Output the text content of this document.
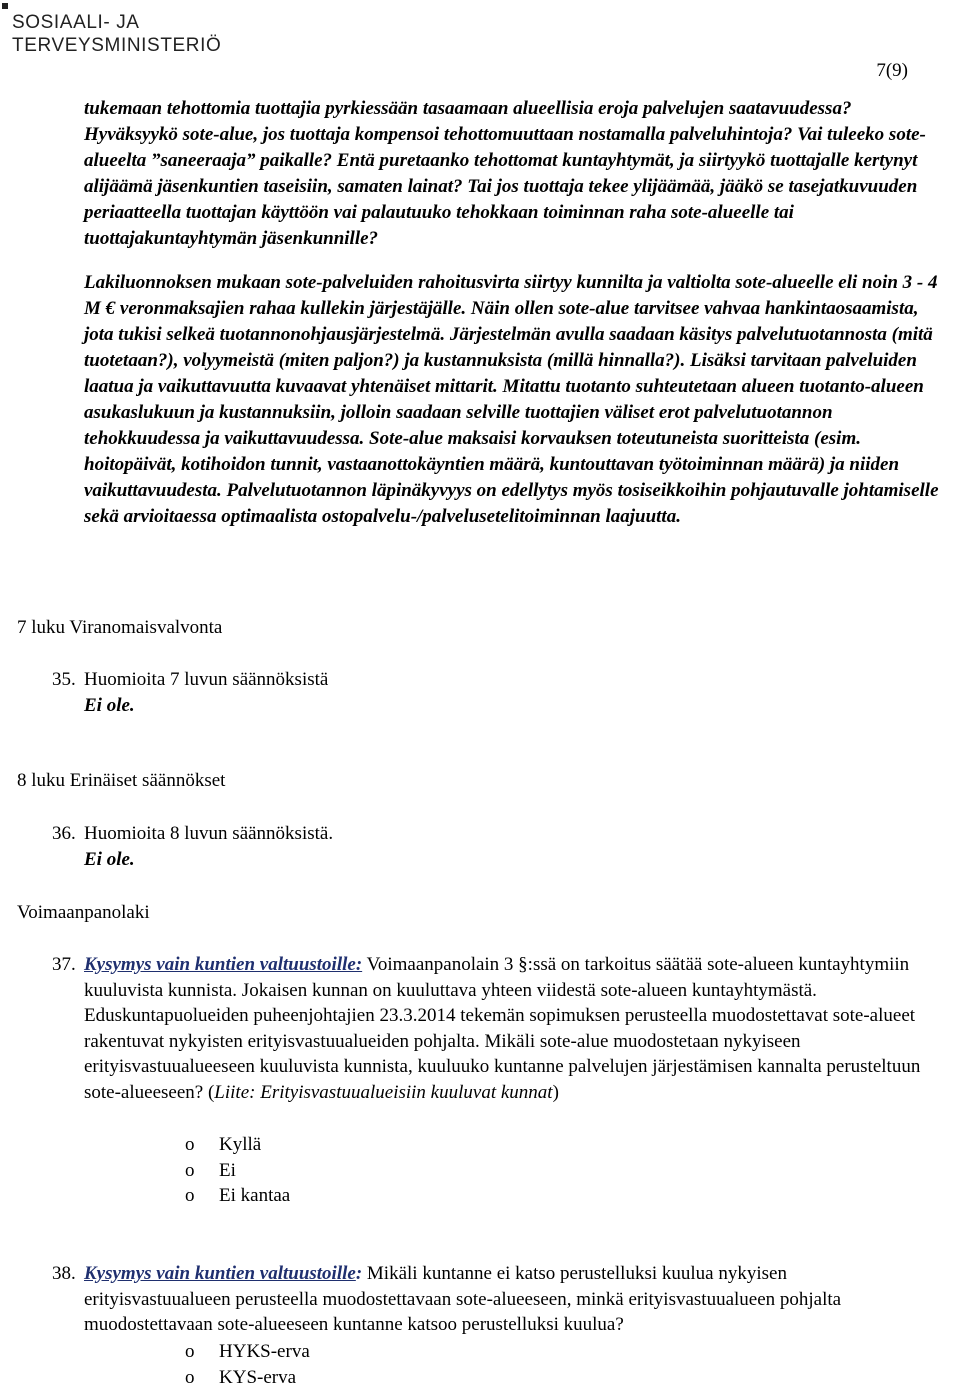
SOSIAALI- JA
TERVEYSMINISTERIÖ
7(9)

tukemaan tehottomia tuottajia pyrkiessään tasaamaan alueellisia eroja palvelujen saatavuudessa? Hyväksyykö sote-alue, jos tuottaja kompensoi tehottomuuttaan nostamalla palveluhintoja? Vai tuleeko sote-alueelta ”saneeraaja” paikalle? Entä puretaanko tehottomat kuntayhtymät, ja siirtyykö tuottajalle kertynyt alijäämä jäsenkuntien taseisiin, samaten lainat? Tai jos tuottaja tekee ylijäämää, jääkö se tasejatkuvuuden periaatteella tuottajan käyttöön vai palautuuko tehokkaan toiminnan raha sote-alueelle tai tuottajakuntayhtymän jäsenkunnille?

Lakiluonnoksen mukaan sote-palveluiden rahoitusvirta siirtyy kunnilta ja valtiolta sote-alueelle eli noin 3 - 4 M € veronmaksajien rahaa kullekin järjestäjälle. Näin ollen sote-alue tarvitsee vahvaa hankintaosaamista, jota tukisi selkeä tuotannonohjausjärjestelmä. Järjestelmän avulla saadaan käsitys palvelutuotannosta (mitä tuotetaan?), volyymeistä (miten paljon?) ja kustannuksista (millä hinnalla?). Lisäksi tarvitaan palveluiden laatua ja vaikuttavuutta kuvaavat yhtenäiset mittarit. Mitattu tuotanto suhteutetaan alueen tuotanto-alueen asukaslukuun ja kustannuksiin, jolloin saadaan selville tuottajien väliset erot palvelutuotannon tehokkuudessa ja vaikuttavuudessa. Sote-alue maksaisi korvauksen toteutuneista suoritteista (esim. hoitopäivät, kotihoidon tunnit, vastaanottokäyntien määrä, kuntouttavan työtoiminnan määrä) ja niiden vaikuttavuudesta. Palvelutuotannon läpinäkyvyys on edellytys myös tosiseikkoihin pohjautuvalle johtamiselle sekä arvioitaessa optimaalista ostopalvelu-/palvelusetelitoiminnan laajuutta.

7 luku Viranomaisvalvonta
35. Huomioita 7 luvun säännöksistä
Ei ole.
8 luku Erinäiset säännökset
36. Huomioita 8 luvun säännöksistä.
Ei ole.
Voimaanpanolaki
37. Kysymys vain kuntien valtuustoille: Voimaanpanolain 3 §:ssä on tarkoitus säätää sote-alueen kuntayhtymiin kuuluvista kunnista. Jokaisen kunnan on kuuluttava yhteen viidestä sote-alueen kuntayhtymästä. Eduskuntapuolueiden puheenjohtajien 23.3.2014 tekemän sopimuksen perusteella muodostettavat sote-alueet rakentuvat nykyisten erityisvastuualueiden pohjalta. Mikäli sote-alue muodostetaan nykyiseen erityisvastuualueeseen kuuluvista kunnista, kuuluuko kuntanne palvelujen järjestämisen kannalta perusteltuun sote-alueeseen? (Liite: Erityisvastuualueisiin kuuluvat kunnat)
o	Kyllä
o	Ei
o	Ei kantaa
38. Kysymys vain kuntien valtuustoille: Mikäli kuntanne ei katso perustelluksi kuulua nykyisen erityisvastuualueen perusteella muodostettavaan sote-alueeseen, minkä erityisvastuualueen pohjalta muodostettavaan sote-alueeseen kuntanne katsoo perustelluksi kuulua?
o	HYKS-erva
o	KYS-erva
